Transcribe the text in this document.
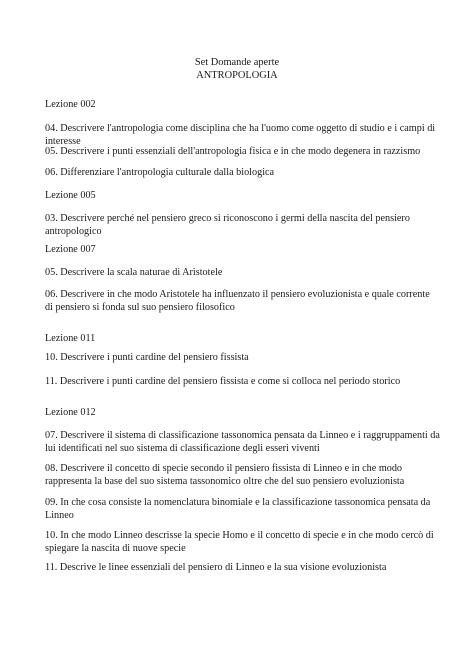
Set Domande aperte
ANTROPOLOGIA
Lezione 002
04. Descrivere l'antropologia come disciplina che ha l'uomo come oggetto di studio e i campi di interesse
05. Descrivere i punti essenziali dell'antropologia fisica e in che modo degenera in razzismo
06. Differenziare l'antropologia culturale dalla biologica
Lezione 005
03. Descrivere perché nel pensiero greco si riconoscono i germi della nascita del pensiero antropologico
Lezione 007
05. Descrivere la scala naturae di Aristotele
06. Descrivere in che modo Aristotele ha influenzato il pensiero evoluzionista e quale corrente di pensiero si fonda sul suo pensiero filosofico
Lezione 011
10. Descrivere i punti cardine del pensiero fissista
11. Descrivere i punti cardine del pensiero fissista e come si colloca nel periodo storico
Lezione 012
07. Descrivere il sistema di classificazione tassonomica pensata da Linneo e i raggruppamenti da lui identificati nel suo sistema di classificazione degli esseri viventi
08. Descrivere il concetto di specie secondo il pensiero fissista di Linneo e in che modo rappresenta la base del suo sistema tassonomico oltre che del suo pensiero evoluzionista
09. In che cosa consiste la nomenclatura binomiale e la classificazione tassonomica pensata da Linneo
10. In che modo Linneo descrisse la specie Homo e il concetto di specie e in che modo cercò di spiegare la nascita di nuove specie
11. Descrive le linee essenziali del pensiero di Linneo e la sua visione evoluzionista
